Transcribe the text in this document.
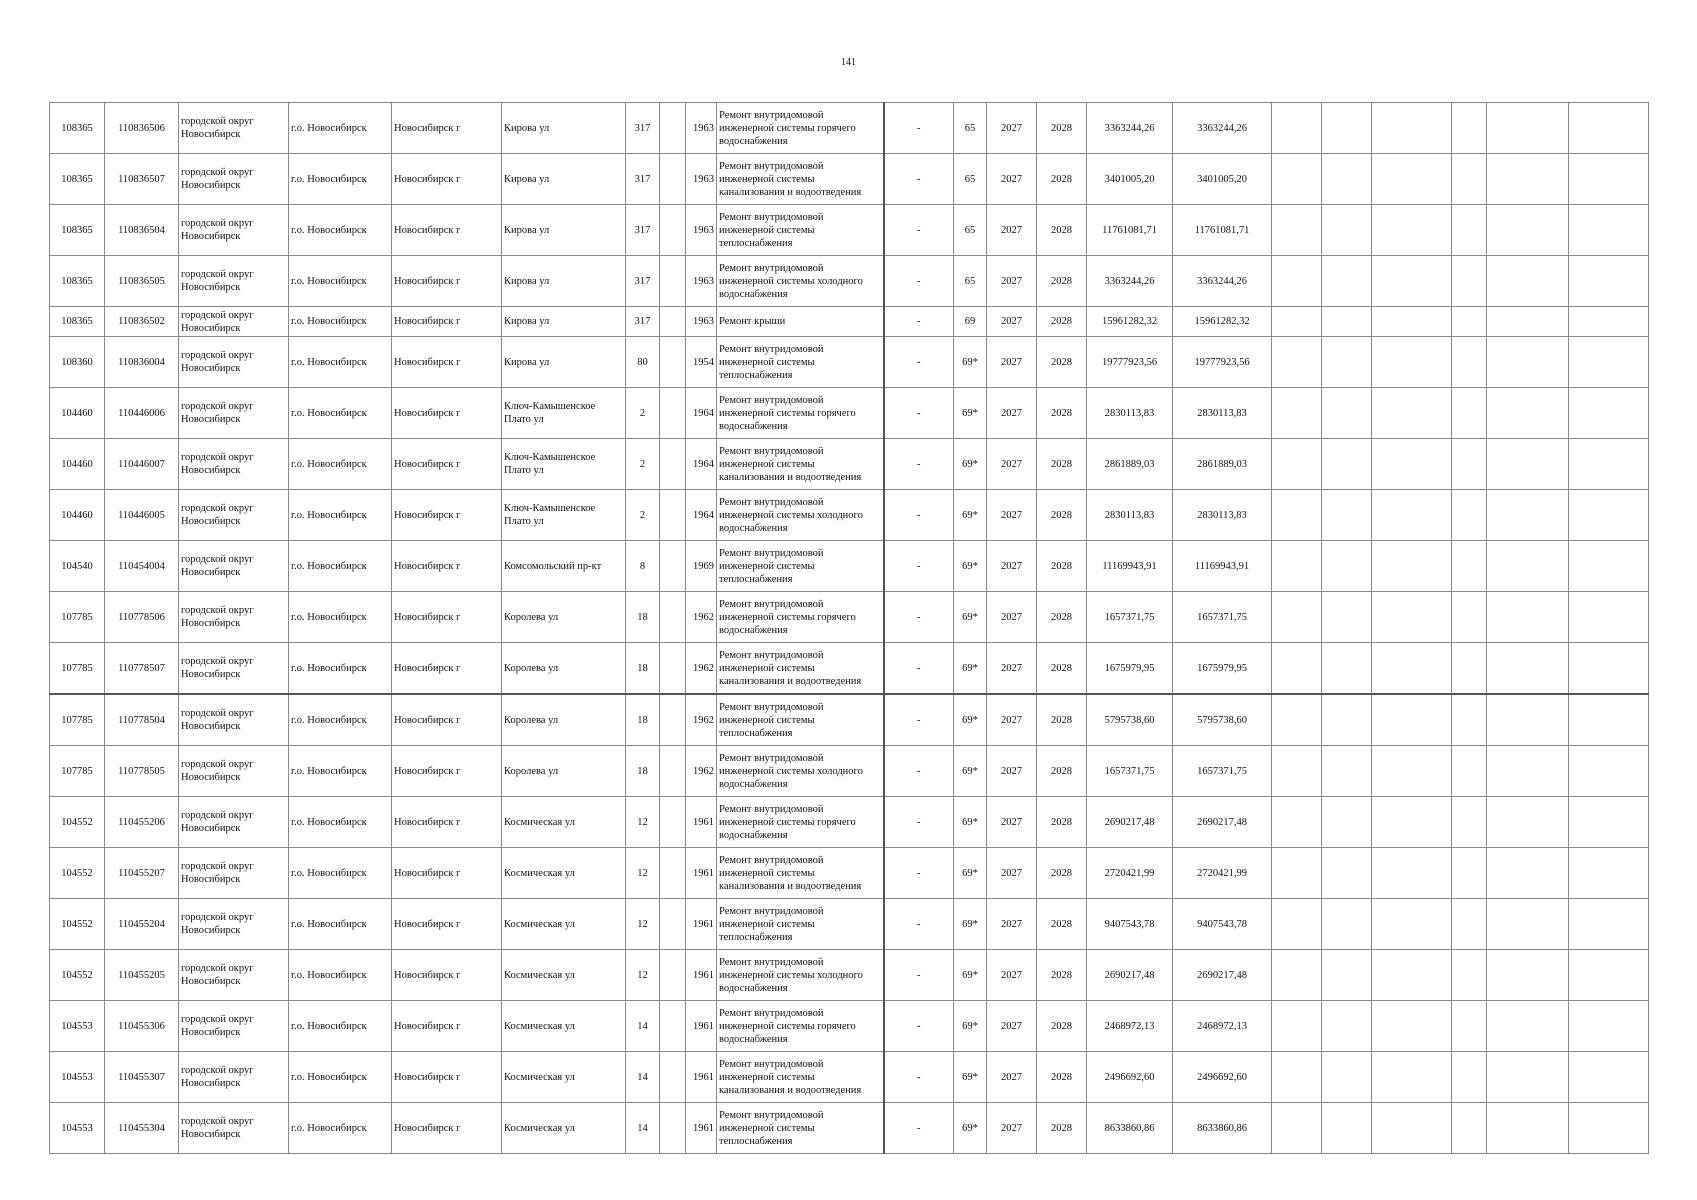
141
108365	110836506	городской округ Новосибирск	г.о. Новосибирск	Новосибирск г	Кирова ул	317		1963	Ремонт внутридомовой инженерной системы горячего водоснабжения	-	65	2027	2028	3363244,26	3363244,26						
108365	110836507	городской округ Новосибирск	г.о. Новосибирск	Новосибирск г	Кирова ул	317		1963	Ремонт внутридомовой инженерной системы канализования и водоотведения	-	65	2027	2028	3401005,20	3401005,20						
108365	110836504	городской округ Новосибирск	г.о. Новосибирск	Новосибирск г	Кирова ул	317		1963	Ремонт внутридомовой инженерной системы теплоснабжения	-	65	2027	2028	11761081,71	11761081,71						
108365	110836505	городской округ Новосибирск	г.о. Новосибирск	Новосибирск г	Кирова ул	317		1963	Ремонт внутридомовой инженерной системы холодного водоснабжения	-	65	2027	2028	3363244,26	3363244,26						
108365	110836502	городской округ Новосибирск	г.о. Новосибирск	Новосибирск г	Кирова ул	317		1963	Ремонт крыши	-	69	2027	2028	15961282,32	15961282,32						
108360	110836004	городской округ Новосибирск	г.о. Новосибирск	Новосибирск г	Кирова ул	80		1954	Ремонт внутридомовой инженерной системы теплоснабжения	-	69*	2027	2028	19777923,56	19777923,56						
104460	110446006	городской округ Новосибирск	г.о. Новосибирск	Новосибирск г	Ключ-Камышенское Плато ул	2		1964	Ремонт внутридомовой инженерной системы горячего водоснабжения	-	69*	2027	2028	2830113,83	2830113,83						
104460	110446007	городской округ Новосибирск	г.о. Новосибирск	Новосибирск г	Ключ-Камышенское Плато ул	2		1964	Ремонт внутридомовой инженерной системы канализования и водоотведения	-	69*	2027	2028	2861889,03	2861889,03						
104460	110446005	городской округ Новосибирск	г.о. Новосибирск	Новосибирск г	Ключ-Камышенское Плато ул	2		1964	Ремонт внутридомовой инженерной системы холодного водоснабжения	-	69*	2027	2028	2830113,83	2830113,83						
104540	110454004	городской округ Новосибирск	г.о. Новосибирск	Новосибирск г	Комсомольский пр-кт	8		1969	Ремонт внутридомовой инженерной системы теплоснабжения	-	69*	2027	2028	11169943,91	11169943,91						
107785	110778506	городской округ Новосибирск	г.о. Новосибирск	Новосибирск г	Королева ул	18		1962	Ремонт внутридомовой инженерной системы горячего водоснабжения	-	69*	2027	2028	1657371,75	1657371,75						
107785	110778507	городской округ Новосибирск	г.о. Новосибирск	Новосибирск г	Королева ул	18		1962	Ремонт внутридомовой инженерной системы канализования и водоотведения	-	69*	2027	2028	1675979,95	1675979,95						
107785	110778504	городской округ Новосибирск	г.о. Новосибирск	Новосибирск г	Королева ул	18		1962	Ремонт внутридомовой инженерной системы теплоснабжения	-	69*	2027	2028	5795738,60	5795738,60						
107785	110778505	городской округ Новосибирск	г.о. Новосибирск	Новосибирск г	Королева ул	18		1962	Ремонт внутридомовой инженерной системы холодного водоснабжения	-	69*	2027	2028	1657371,75	1657371,75						
104552	110455206	городской округ Новосибирск	г.о. Новосибирск	Новосибирск г	Космическая ул	12		1961	Ремонт внутридомовой инженерной системы горячего водоснабжения	-	69*	2027	2028	2690217,48	2690217,48						
104552	110455207	городской округ Новосибирск	г.о. Новосибирск	Новосибирск г	Космическая ул	12		1961	Ремонт внутридомовой инженерной системы канализования и водоотведения	-	69*	2027	2028	2720421,99	2720421,99						
104552	110455204	городской округ Новосибирск	г.о. Новосибирск	Новосибирск г	Космическая ул	12		1961	Ремонт внутридомовой инженерной системы теплоснабжения	-	69*	2027	2028	9407543,78	9407543,78						
104552	110455205	городской округ Новосибирск	г.о. Новосибирск	Новосибирск г	Космическая ул	12		1961	Ремонт внутридомовой инженерной системы холодного водоснабжения	-	69*	2027	2028	2690217,48	2690217,48						
104553	110455306	городской округ Новосибирск	г.о. Новосибирск	Новосибирск г	Космическая ул	14		1961	Ремонт внутридомовой инженерной системы горячего водоснабжения	-	69*	2027	2028	2468972,13	2468972,13						
104553	110455307	городской округ Новосибирск	г.о. Новосибирск	Новосибирск г	Космическая ул	14		1961	Ремонт внутридомовой инженерной системы канализования и водоотведения	-	69*	2027	2028	2496692,60	2496692,60						
104553	110455304	городской округ Новосибирск	г.о. Новосибирск	Новосибирск г	Космическая ул	14		1961	Ремонт внутридомовой инженерной системы теплоснабжения	-	69*	2027	2028	8633860,86	8633860,86						
